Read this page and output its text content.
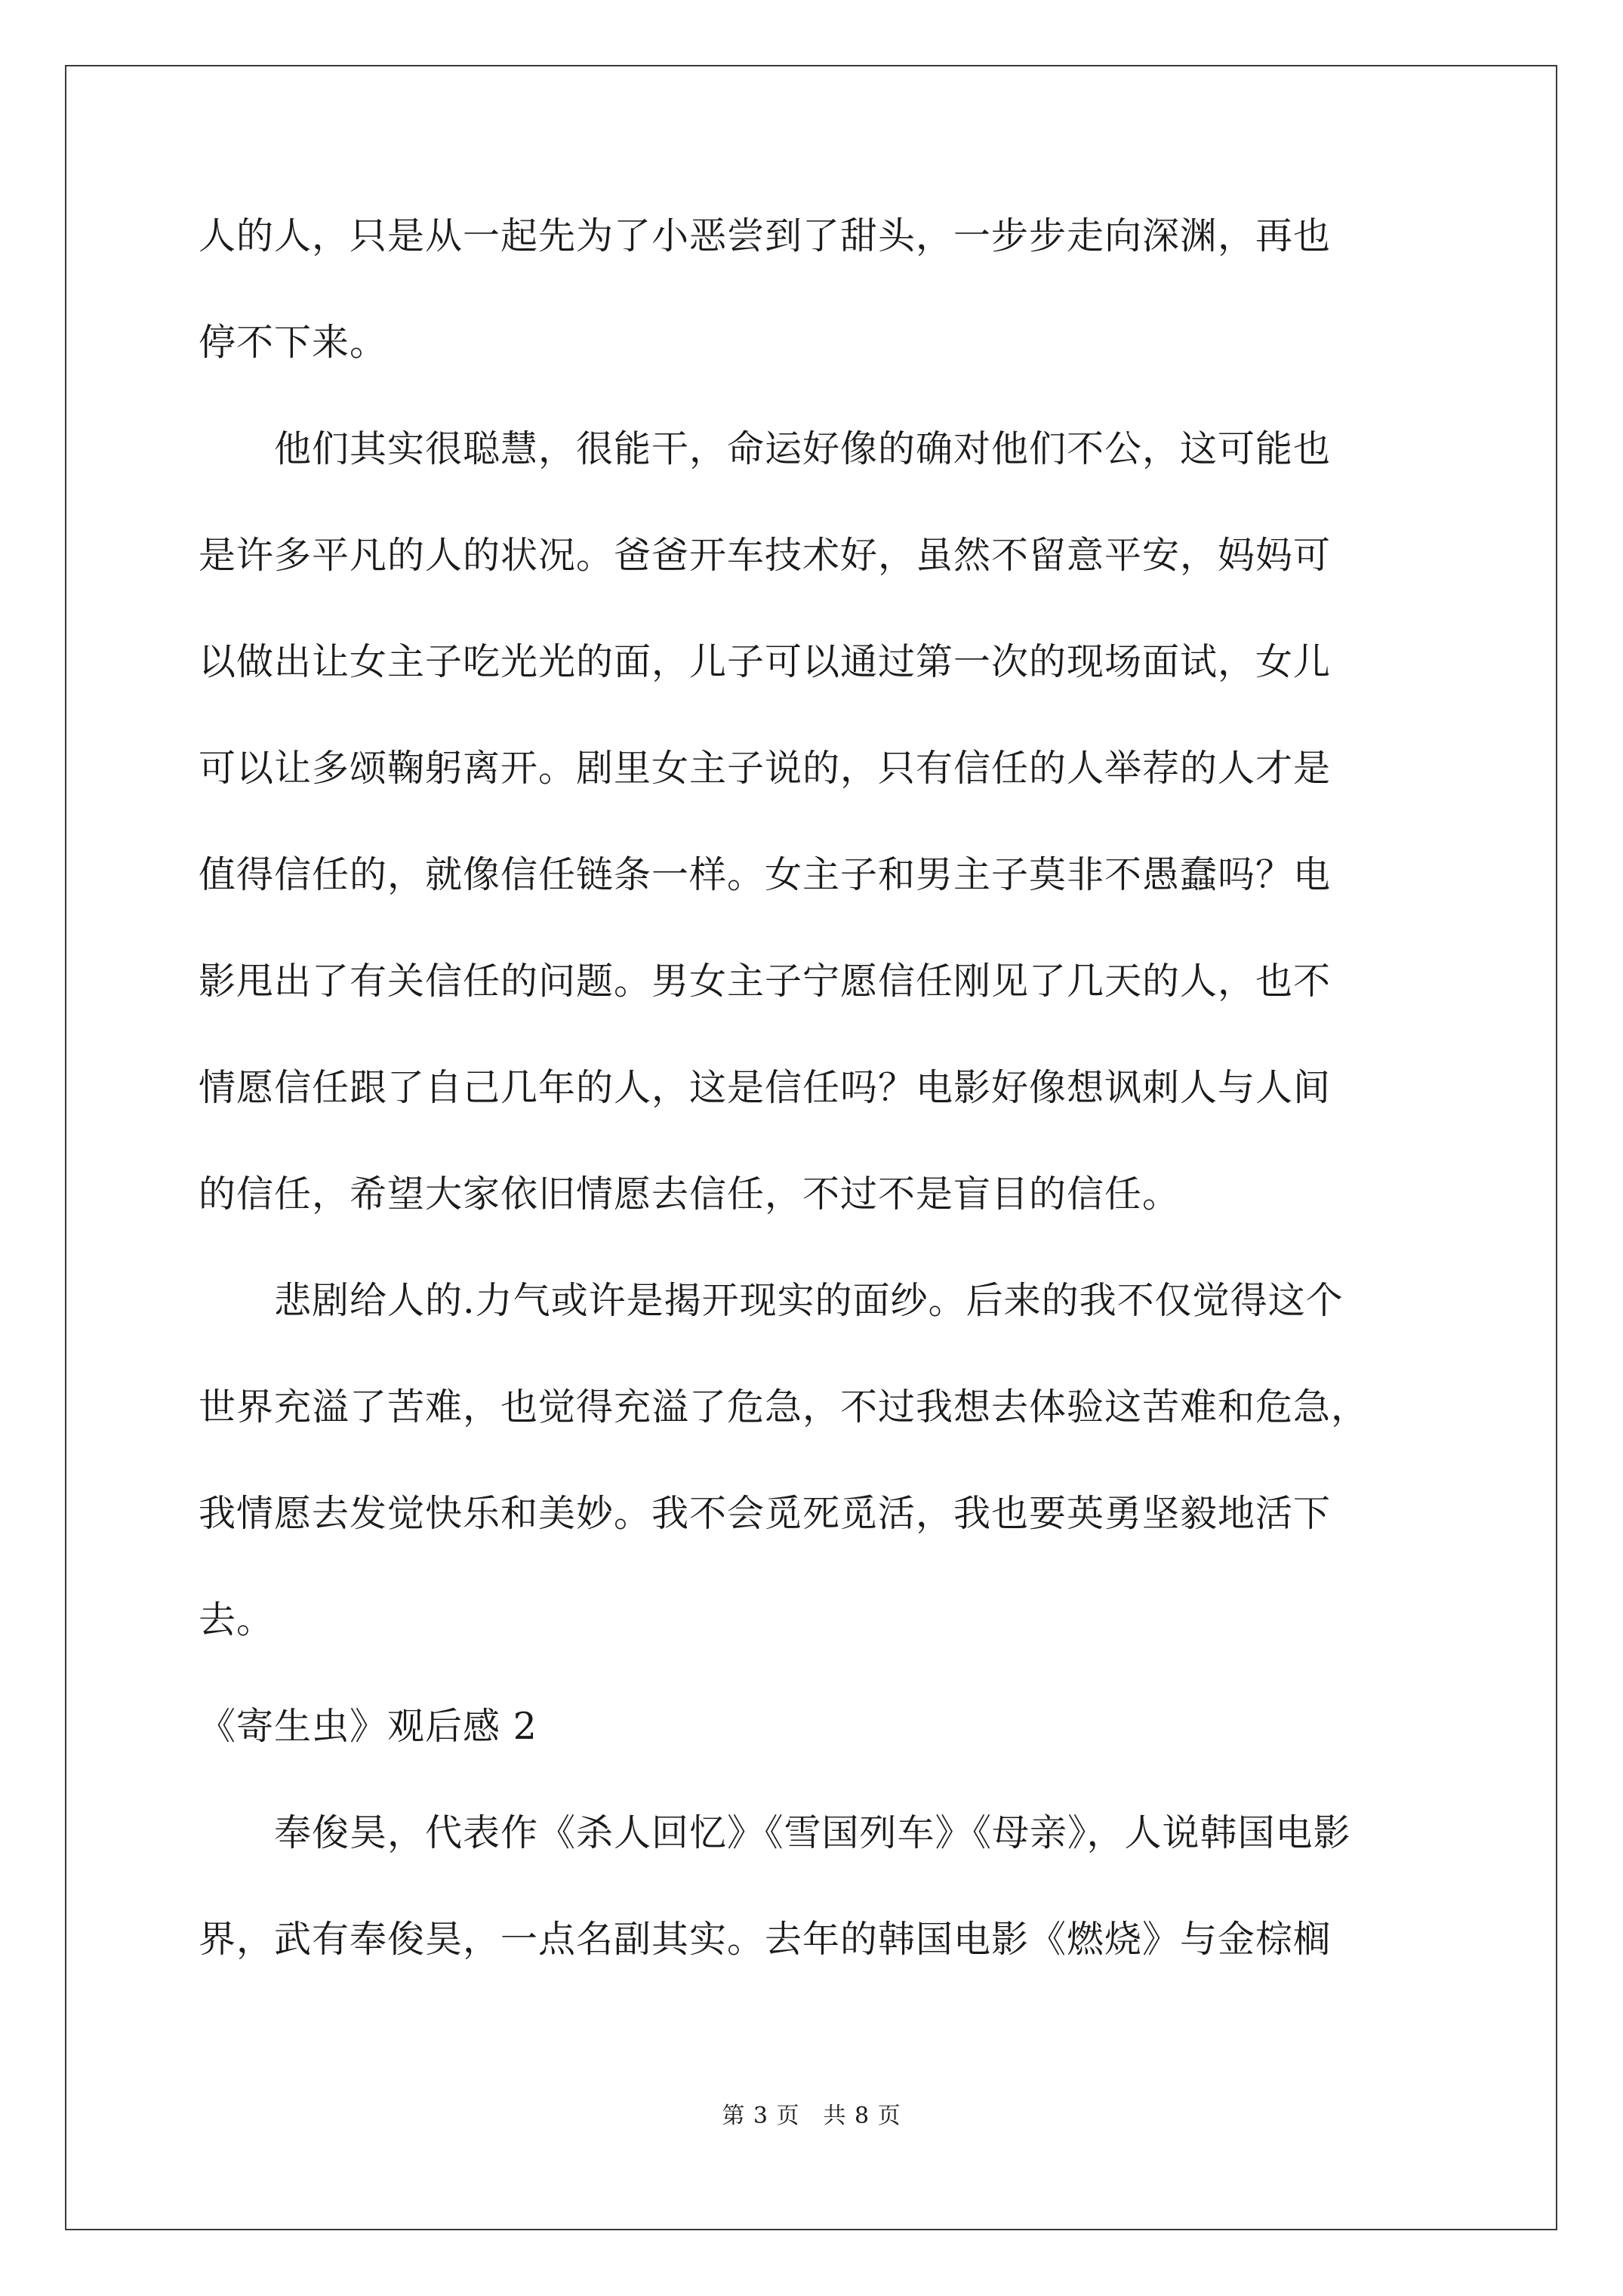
人的人，只是从一起先为了小恶尝到了甜头，一步步走向深渊，再也
停不下来。
　　他们其实很聪慧，很能干，命运好像的确对他们不公，这可能也
是许多平凡的人的状况。爸爸开车技术好，虽然不留意平安，妈妈可
以做出让女主子吃光光的面，儿子可以通过第一次的现场面试，女儿
可以让多颂鞠躬离开。剧里女主子说的，只有信任的人举荐的人才是
值得信任的，就像信任链条一样。女主子和男主子莫非不愚蠢吗？电
影甩出了有关信任的问题。男女主子宁愿信任刚见了几天的人，也不
情愿信任跟了自己几年的人，这是信任吗？电影好像想讽刺人与人间
的信任，希望大家依旧情愿去信任，不过不是盲目的信任。
　　悲剧给人的.力气或许是揭开现实的面纱。后来的我不仅觉得这个
世界充溢了苦难，也觉得充溢了危急，不过我想去体验这苦难和危急，
我情愿去发觉快乐和美妙。我不会觅死觅活，我也要英勇坚毅地活下
去。
《寄生虫》观后感 2
　　奉俊昊，代表作《杀人回忆》《雪国列车》《母亲》，人说韩国电影
界，武有奉俊昊，一点名副其实。去年的韩国电影《燃烧》与金棕榈
第 3 页　共 8 页
